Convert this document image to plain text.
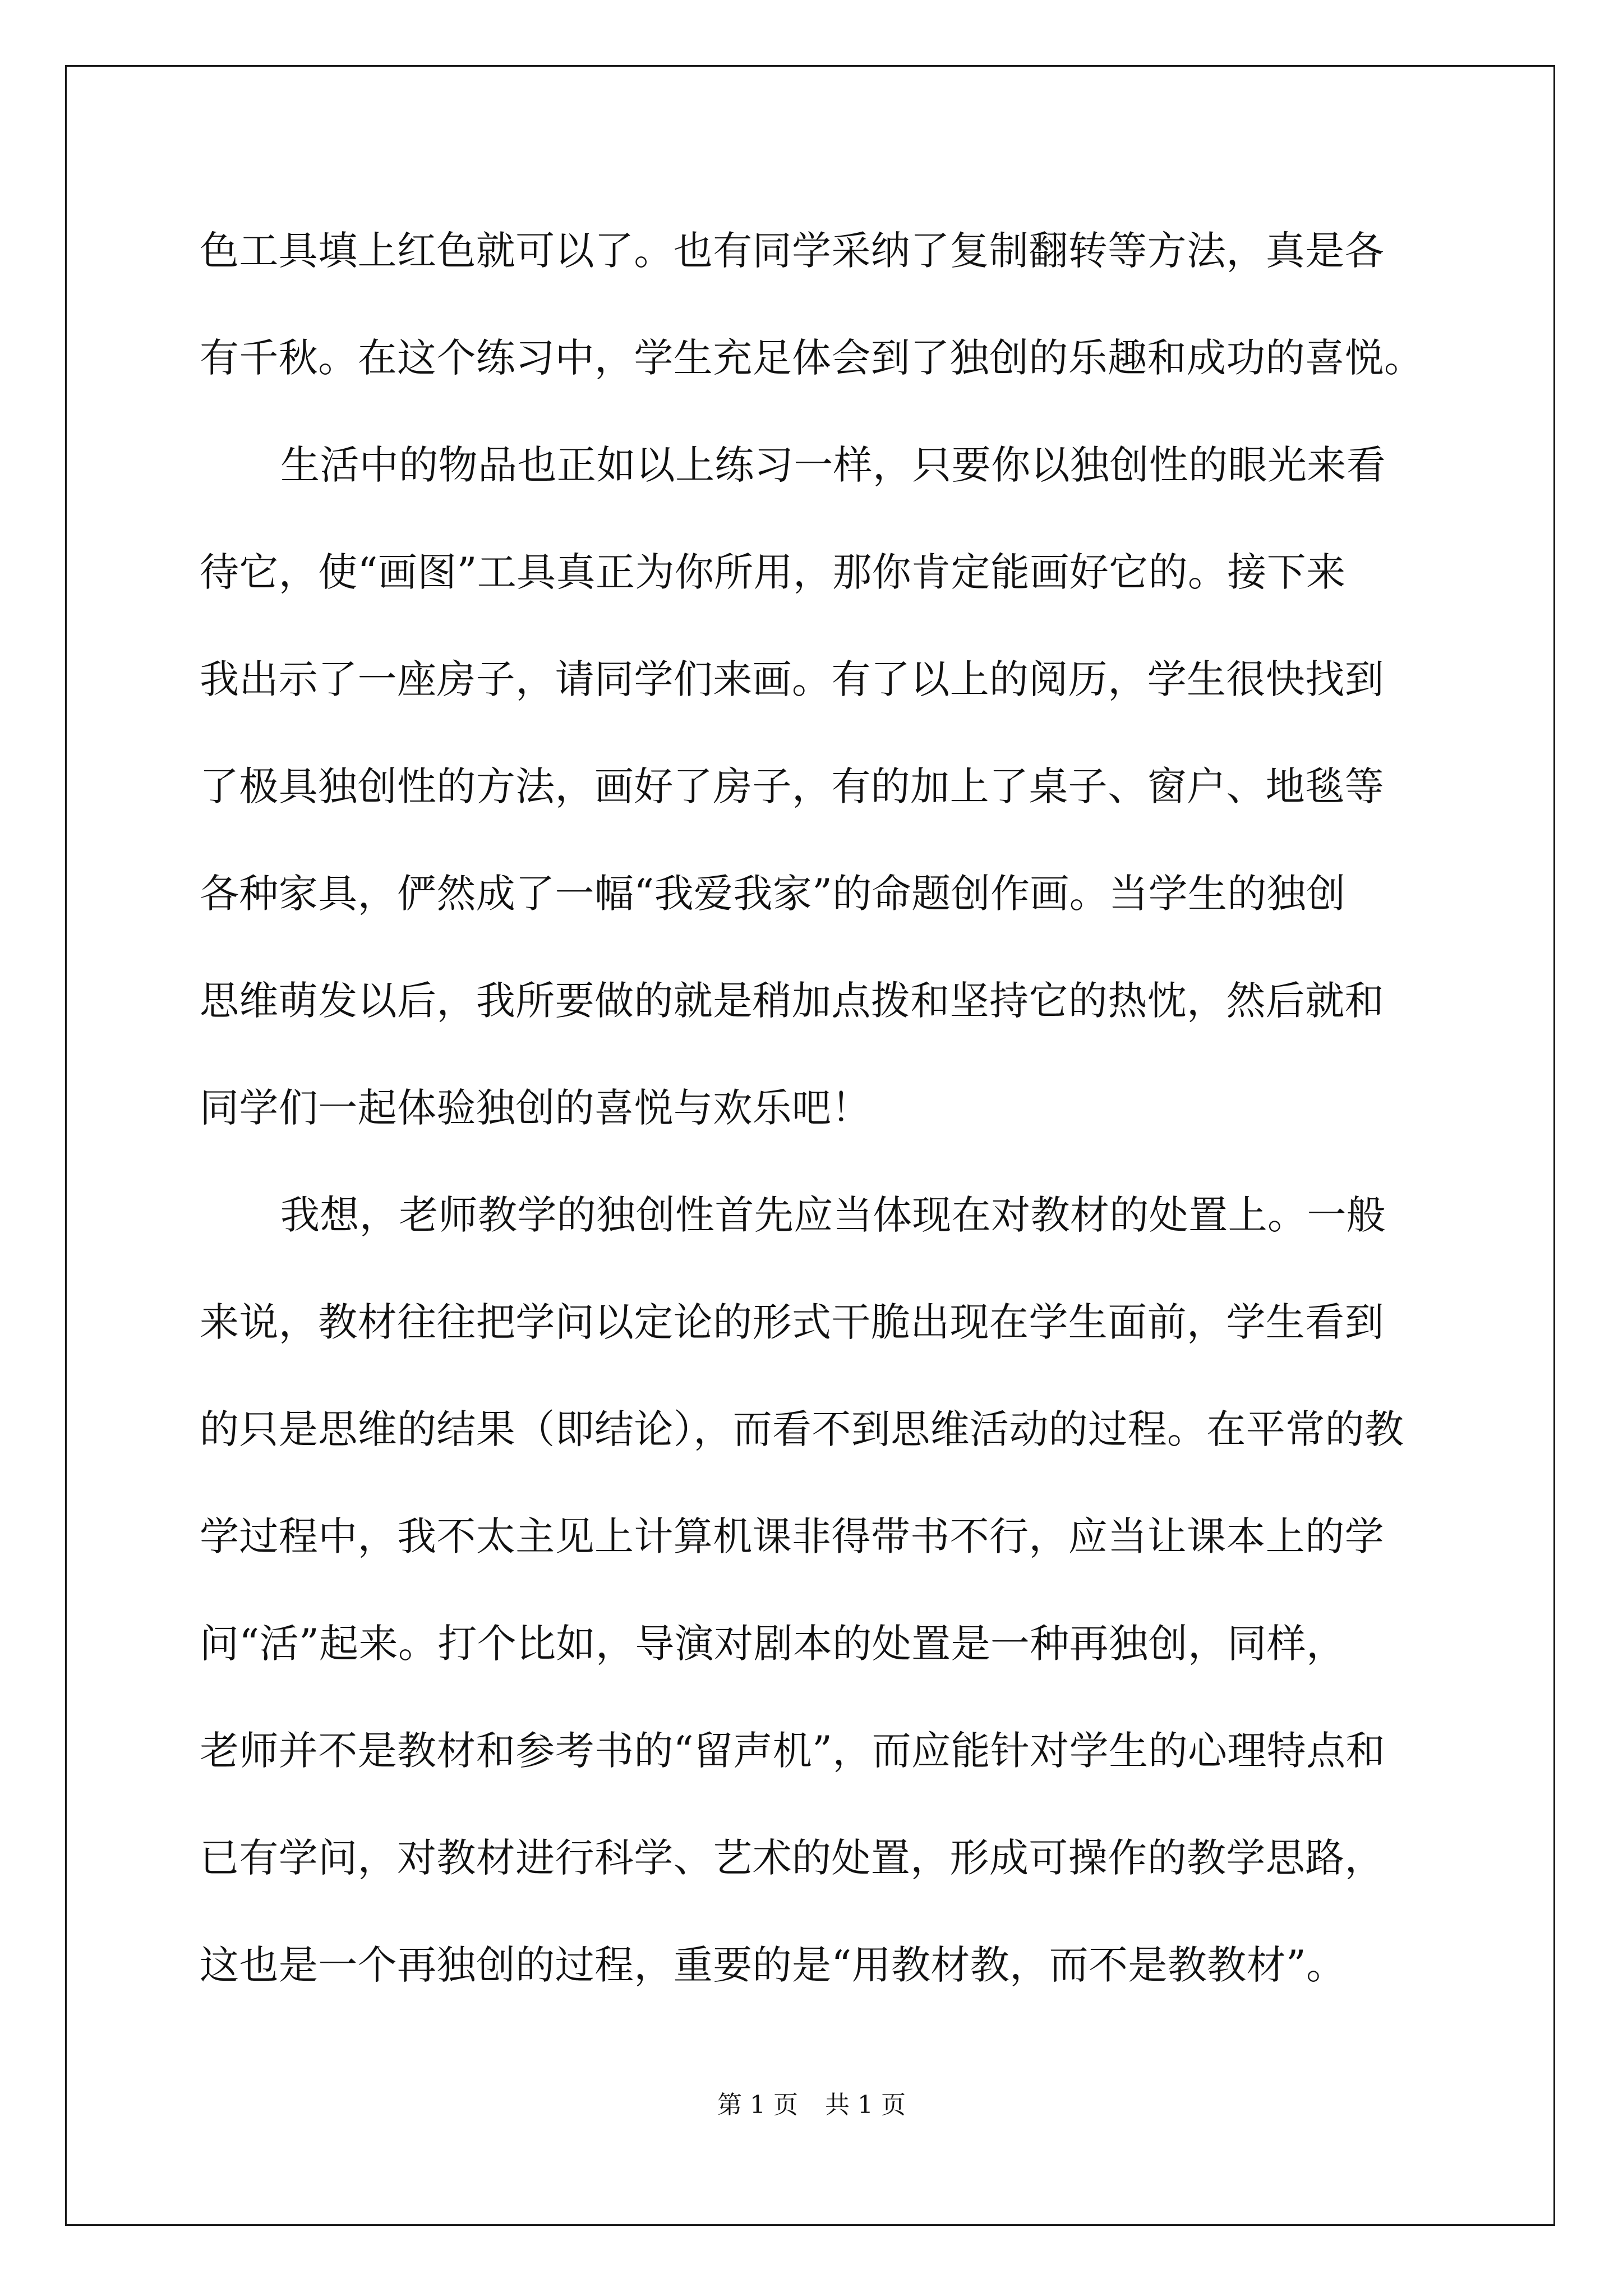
色工具填上红色就可以了。也有同学采纳了复制翻转等方法，真是各
有千秋。在这个练习中，学生充足体会到了独创的乐趣和成功的喜悦。
生活中的物品也正如以上练习一样，只要你以独创性的眼光来看
待它，使“画图”工具真正为你所用，那你肯定能画好它的。接下来
我出示了一座房子，请同学们来画。有了以上的阅历，学生很快找到
了极具独创性的方法，画好了房子，有的加上了桌子、窗户、地毯等
各种家具，俨然成了一幅“我爱我家”的命题创作画。当学生的独创
思维萌发以后，我所要做的就是稍加点拨和坚持它的热忱，然后就和
同学们一起体验独创的喜悦与欢乐吧！
我想，老师教学的独创性首先应当体现在对教材的处置上。一般
来说，教材往往把学问以定论的形式干脆出现在学生面前，学生看到
的只是思维的结果（即结论），而看不到思维活动的过程。在平常的教
学过程中，我不太主见上计算机课非得带书不行，应当让课本上的学
问“活”起来。打个比如，导演对剧本的处置是一种再独创，同样，
老师并不是教材和参考书的“留声机”，而应能针对学生的心理特点和
已有学问，对教材进行科学、艺术的处置，形成可操作的教学思路，
这也是一个再独创的过程，重要的是“用教材教，而不是教教材”。
第 1 页 共 1 页
